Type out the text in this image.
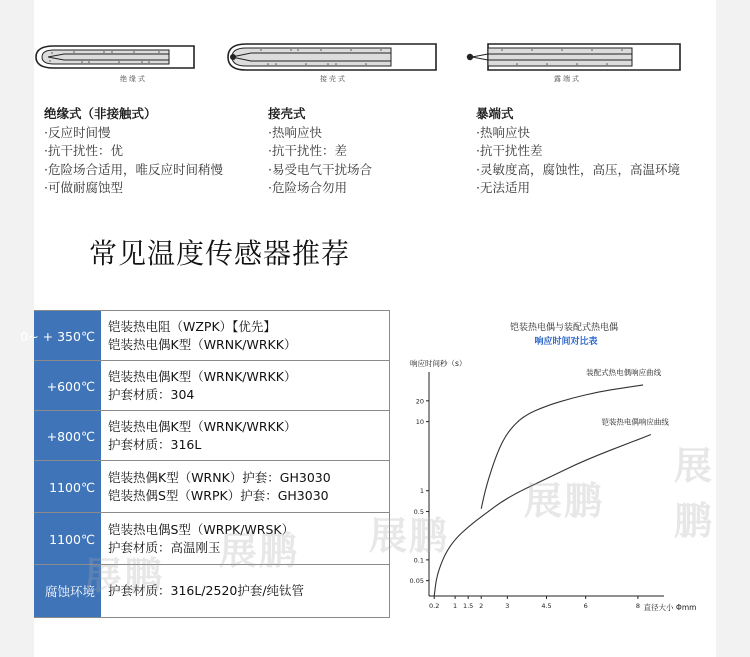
绝缘式	接壳式	露端式
绝缘式（非接触式）
·反应时间慢
·抗干扰性：优
·危险场合适用，唯反应时间稍慢
·可做耐腐蚀型
接壳式
·热响应快
·抗干扰性：差
·易受电气干扰场合
·危险场合勿用
暴端式
·热响应快
·抗干扰性差
·灵敏度高，腐蚀性，高压，高温环境
·无法适用
常见温度传感器推荐
0~ + 350℃
铠装热电阻（WZPK）【优先】
铠装热电偶K型（WRNK/WRKK）
+600℃
铠装热电偶K型（WRNK/WRKK）
护套材质：304
+800℃
铠装热电偶K型（WRNK/WRKK）
护套材质：316L
1100℃
铠装热偶K型（WRNK）护套：GH3030
铠装热偶S型（WRPK）护套：GH3030
1100℃
铠装热电偶S型（WRPK/WRSK）
护套材质：高温刚玉
腐蚀环境 护套材质：316L/2520护套/纯钛管
铠装热电偶与装配式热电偶
响应时间对比表
响应时间秒（s）
直径大小 Φmm
0.05
0.1
0.5
1
10
20
0.2 1 1.5 2	3	4.5	6	8
装配式热电偶响应曲线
铠装热电偶响应曲线
展鹏
展鹏 展鹏
展鹏
展鹏
